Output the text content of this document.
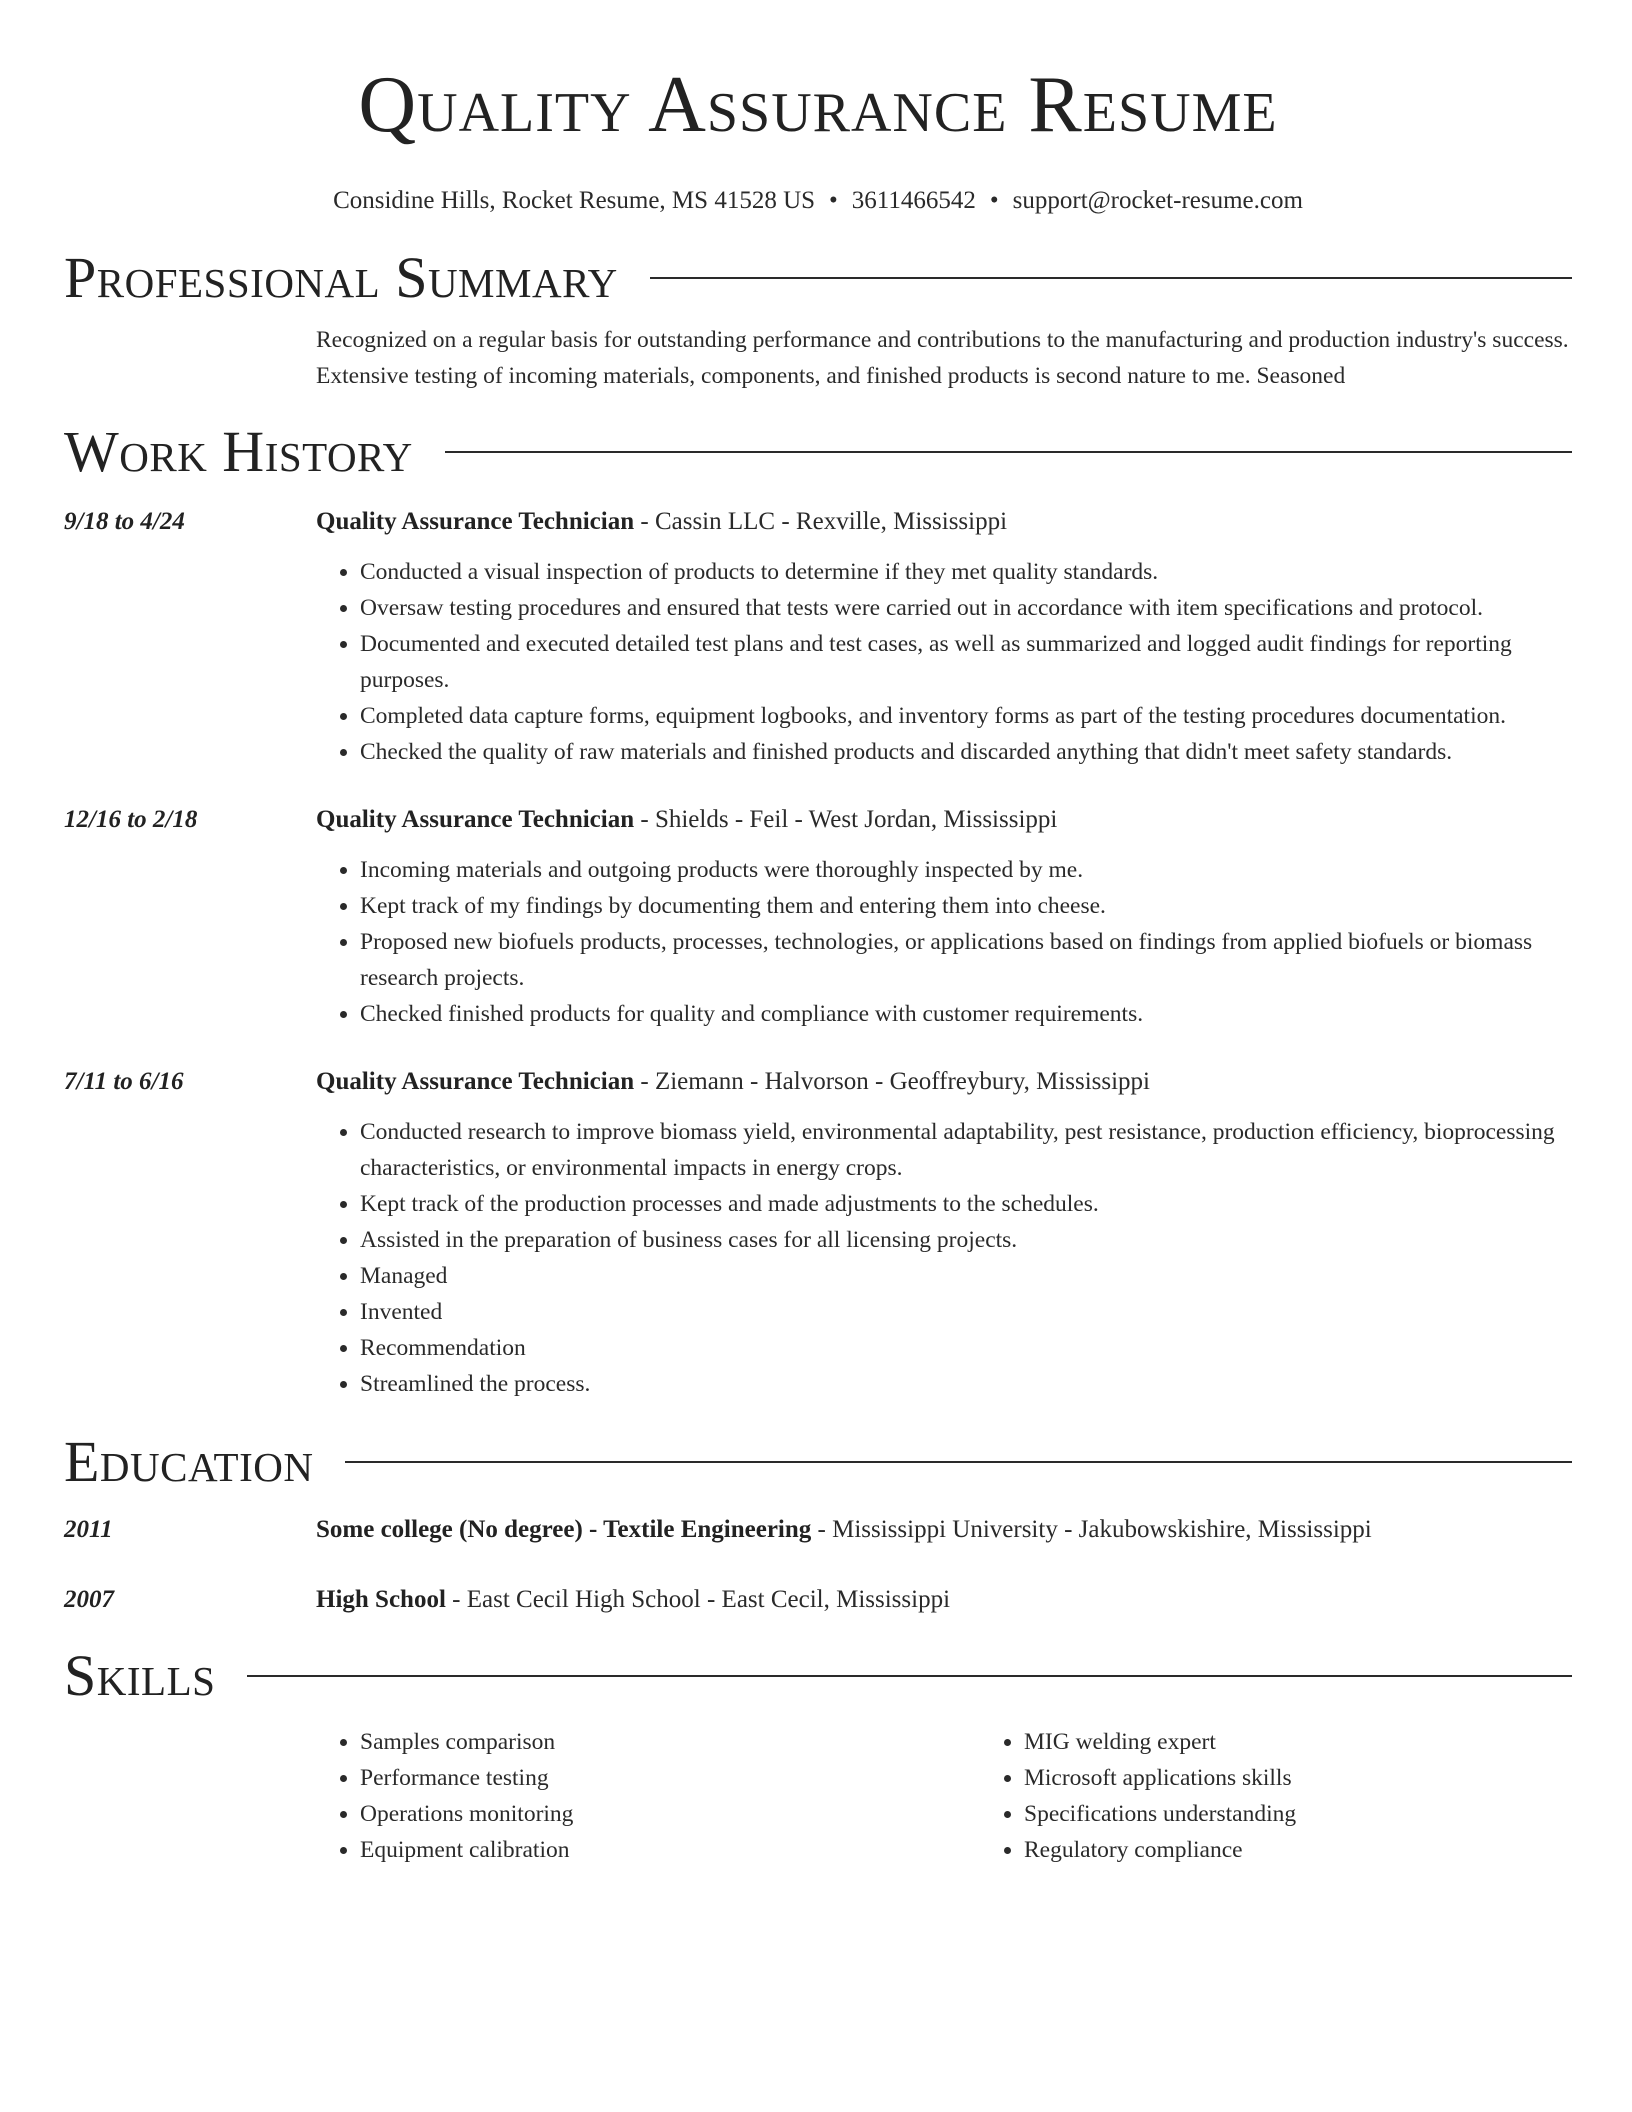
Quality Assurance Resume
Considine Hills, Rocket Resume, MS 41528 US • 3611466542 • support@rocket-resume.com
Professional Summary
Recognized on a regular basis for outstanding performance and contributions to the manufacturing and production industry's success. Extensive testing of incoming materials, components, and finished products is second nature to me. Seasoned
Work History
9/18 to 4/24	Quality Assurance Technician - Cassin LLC - Rexville, Mississippi
• Conducted a visual inspection of products to determine if they met quality standards.
• Oversaw testing procedures and ensured that tests were carried out in accordance with item specifications and protocol.
• Documented and executed detailed test plans and test cases, as well as summarized and logged audit findings for reporting purposes.
• Completed data capture forms, equipment logbooks, and inventory forms as part of the testing procedures documentation.
• Checked the quality of raw materials and finished products and discarded anything that didn't meet safety standards.
12/16 to 2/18	Quality Assurance Technician - Shields - Feil - West Jordan, Mississippi
• Incoming materials and outgoing products were thoroughly inspected by me.
• Kept track of my findings by documenting them and entering them into cheese.
• Proposed new biofuels products, processes, technologies, or applications based on findings from applied biofuels or biomass research projects.
• Checked finished products for quality and compliance with customer requirements.
7/11 to 6/16	Quality Assurance Technician - Ziemann - Halvorson - Geoffreybury, Mississippi
• Conducted research to improve biomass yield, environmental adaptability, pest resistance, production efficiency, bioprocessing characteristics, or environmental impacts in energy crops.
• Kept track of the production processes and made adjustments to the schedules.
• Assisted in the preparation of business cases for all licensing projects.
• Managed
• Invented
• Recommendation
• Streamlined the process.
Education
2011	Some college (No degree) - Textile Engineering - Mississippi University - Jakubowskishire, Mississippi
2007	High School - East Cecil High School - East Cecil, Mississippi
Skills
• Samples comparison
• Performance testing
• Operations monitoring
• Equipment calibration
• MIG welding expert
• Microsoft applications skills
• Specifications understanding
• Regulatory compliance
